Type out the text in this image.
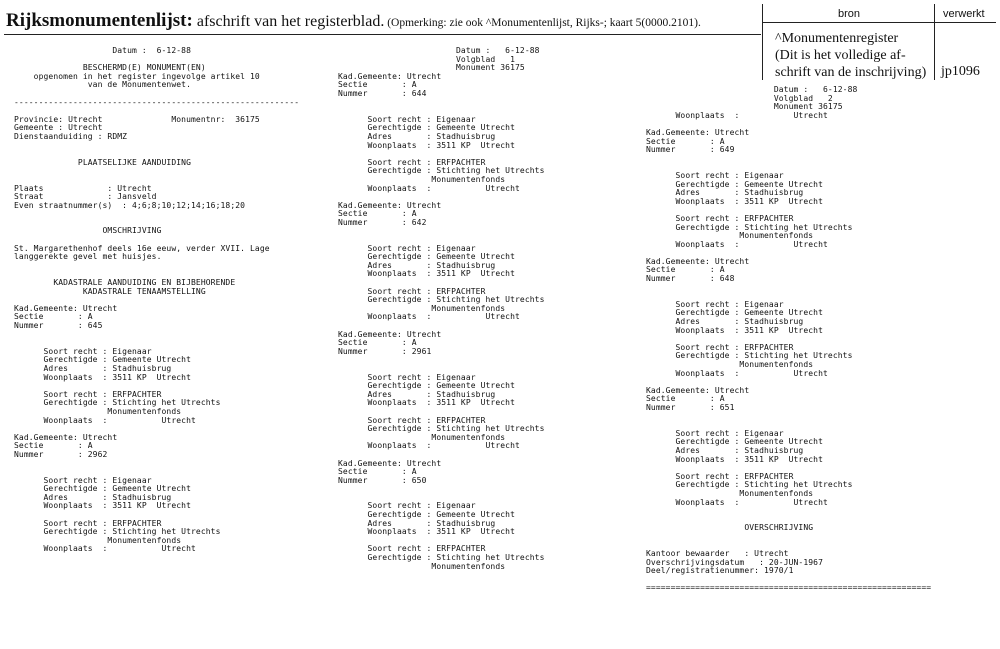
Rijksmonumentenlijst: afschrift van het registerblad. (Opmerking: zie ook ^Monumentenlijst, Rijks-; kaart 5(0000.2101).
bron	verwerkt
^Monumentenregister
(Dit is het volledige af-
schrift van de inschrijving)	jp1096
Datum :  6-12-88

BESCHERMD(E) MONUMENT(EN)
opgenomen in het register ingevolge artikel 10
van de Monumentenwet.

----------------------------------------------------------

Provincie: Utrecht              Monumentnr:  36175
Gemeente : Utrecht
Dienstaanduiding : RDMZ

PLAATSELIJKE AANDUIDING

Plaats             : Utrecht
Straat             : Jansveld
Even straatnummer(s)  : 4;6;8;10;12;14;16;18;20

OMSCHRIJVING

St. Margarethenhof deels 16e eeuw, verder XVII. Lage
langgerekte gevel met huisjes.

KADASTRALE AANDUIDING EN BIJBEHORENDE
KADASTRALE TENAAMSTELLING

Kad.Gemeente: Utrecht
Sectie       : A
Nummer       : 645

Soort recht : Eigenaar
Gerechtigde : Gemeente Utrecht
Adres       : Stadhuisbrug
Woonplaats  : 3511 KP  Utrecht

Soort recht : ERFPACHTER
Gerechtigde : Stichting het Utrechts
Monumentenfonds
Woonplaats  :           Utrecht

Kad.Gemeente: Utrecht
Sectie       : A
Nummer       : 2962

Soort recht : Eigenaar
Gerechtigde : Gemeente Utrecht
Adres       : Stadhuisbrug
Woonplaats  : 3511 KP  Utrecht

Soort recht : ERFPACHTER
Gerechtigde : Stichting het Utrechts
Monumentenfonds
Woonplaats  :           Utrecht
Datum :   6-12-88
Volgblad   1
Monument 36175
Kad.Gemeente: Utrecht
Sectie       : A
Nummer       : 644

Soort recht : Eigenaar
Gerechtigde : Gemeente Utrecht
Adres       : Stadhuisbrug
Woonplaats  : 3511 KP  Utrecht

Soort recht : ERFPACHTER
Gerechtigde : Stichting het Utrechts
Monumentenfonds
Woonplaats  :           Utrecht

Kad.Gemeente: Utrecht
Sectie       : A
Nummer       : 642

Soort recht : Eigenaar
Gerechtigde : Gemeente Utrecht
Adres       : Stadhuisbrug
Woonplaats  : 3511 KP  Utrecht

Soort recht : ERFPACHTER
Gerechtigde : Stichting het Utrechts
Monumentenfonds
Woonplaats  :           Utrecht

Kad.Gemeente: Utrecht
Sectie       : A
Nummer       : 2961

Soort recht : Eigenaar
Gerechtigde : Gemeente Utrecht
Adres       : Stadhuisbrug
Woonplaats  : 3511 KP  Utrecht

Soort recht : ERFPACHTER
Gerechtigde : Stichting het Utrechts
Monumentenfonds
Woonplaats  :           Utrecht

Kad.Gemeente: Utrecht
Sectie       : A
Nummer       : 650

Soort recht : Eigenaar
Gerechtigde : Gemeente Utrecht
Adres       : Stadhuisbrug
Woonplaats  : 3511 KP  Utrecht

Soort recht : ERFPACHTER
Gerechtigde : Stichting het Utrechts
Monumentenfonds
Datum :   6-12-88
Volgblad   2
Monument 36175
Woonplaats  :           Utrecht

Kad.Gemeente: Utrecht
Sectie       : A
Nummer       : 649

Soort recht : Eigenaar
Gerechtigde : Gemeente Utrecht
Adres       : Stadhuisbrug
Woonplaats  : 3511 KP  Utrecht

Soort recht : ERFPACHTER
Gerechtigde : Stichting het Utrechts
Monumentenfonds
Woonplaats  :           Utrecht

Kad.Gemeente: Utrecht
Sectie       : A
Nummer       : 648

Soort recht : Eigenaar
Gerechtigde : Gemeente Utrecht
Adres       : Stadhuisbrug
Woonplaats  : 3511 KP  Utrecht

Soort recht : ERFPACHTER
Gerechtigde : Stichting het Utrechts
Monumentenfonds
Woonplaats  :           Utrecht

Kad.Gemeente: Utrecht
Sectie       : A
Nummer       : 651

Soort recht : Eigenaar
Gerechtigde : Gemeente Utrecht
Adres       : Stadhuisbrug
Woonplaats  : 3511 KP  Utrecht

Soort recht : ERFPACHTER
Gerechtigde : Stichting het Utrechts
Monumentenfonds
Woonplaats  :           Utrecht

OVERSCHRIJVING

Kantoor bewaarder   : Utrecht
Overschrijvingsdatum   : 20-JUN-1967
Deel/registratienummer: 1970/1

==========================================================
